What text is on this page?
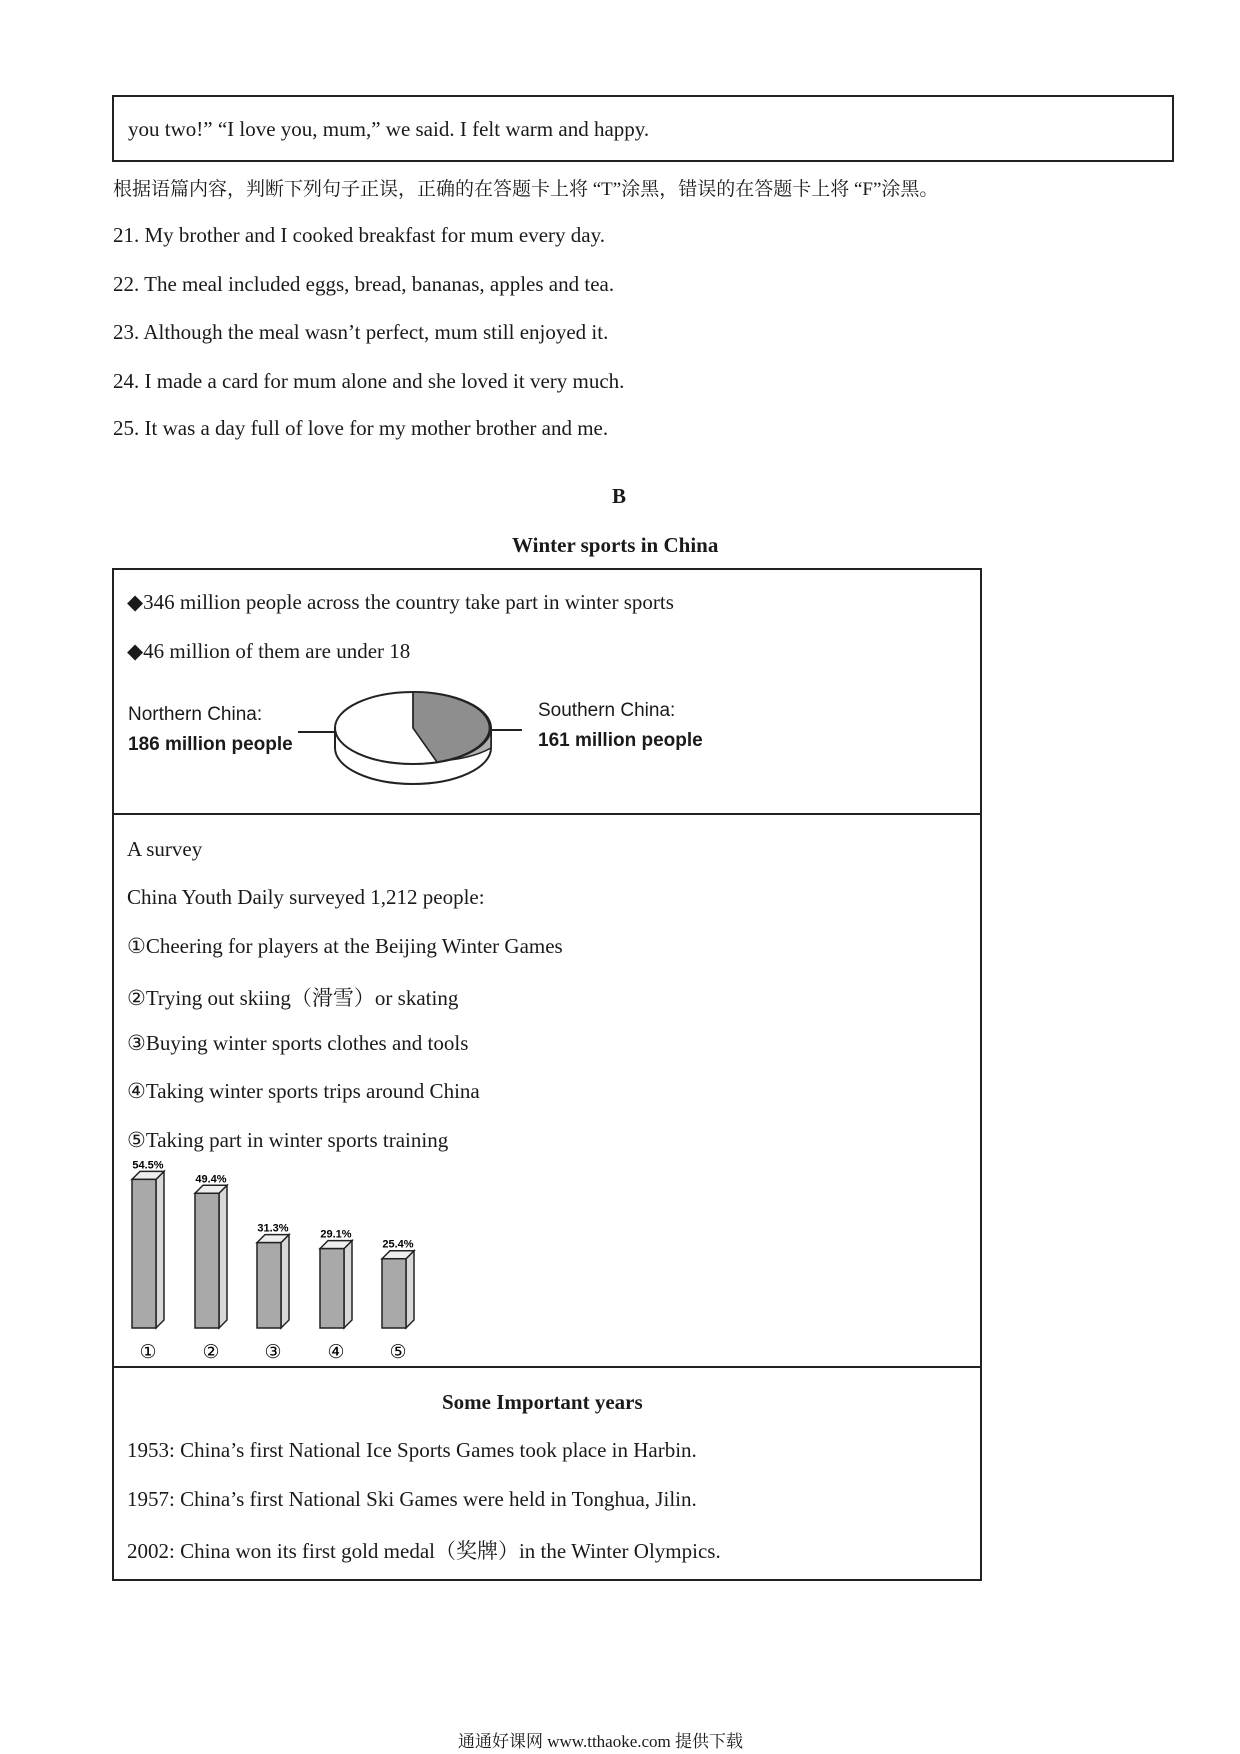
you two!” “I love you, mum,” we said. I felt warm and happy.
根据语篇内容，判断下列句子正误，正确的在答题卡上将 “T”涂黑，错误的在答题卡上将 “F”涂黑。
21. My brother and I cooked breakfast for mum every day.
22. The meal included eggs, bread, bananas, apples and tea.
23. Although the meal wasn’t perfect, mum still enjoyed it.
24. I made a card for mum alone and she loved it very much.
25. It was a day full of love for my mother brother and me.
B
Winter sports in China
◆346 million people across the country take part in winter sports
◆46 million of them are under 18
Northern China:
186 million people
Southern China:
161 million people
A survey
China Youth Daily surveyed 1,212 people:
①Cheering for players at the Beijing Winter Games
②Trying out skiing（滑雪）or skating
③Buying winter sports clothes and tools
④Taking winter sports trips around China
⑤Taking part in winter sports training
54.5%
①
49.4%
②
31.3%
③
29.1%
④
25.4%
⑤
Some Important years
1953: China’s first National Ice Sports Games took place in Harbin.
1957: China’s first National Ski Games were held in Tonghua, Jilin.
2002: China won its first gold medal（奖牌）in the Winter Olympics.
通通好课网 www.tthaoke.com 提供下载
